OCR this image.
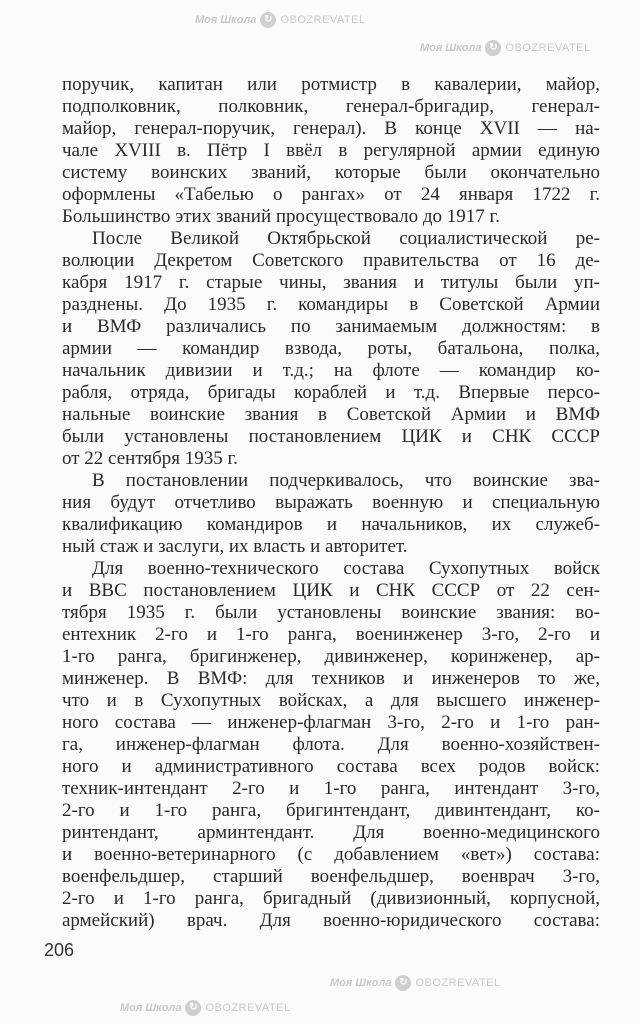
Моя Школа ↻ OBOZREVATEL
Моя Школа ↻ OBOZREVATEL
Моя Школа ↻ OBOZREVATEL
Моя Школа ↻ OBOZREVATEL
поручик, капитан или ротмистр в кавалерии, майор,
подполковник, полковник, генерал-бригадир, генерал-
майор, генерал-поручик, генерал). В конце XVII — на-
чале XVIII в. Пётр I ввёл в регулярной армии единую
систему воинских званий, которые были окончательно
оформлены «Табелью о рангах» от 24 января 1722 г.
Большинство этих званий просуществовало до 1917 г.
После Великой Октябрьской социалистической ре-
волюции Декретом Советского правительства от 16 де-
кабря 1917 г. старые чины, звания и титулы были уп-
разднены. До 1935 г. командиры в Советской Армии
и ВМФ различались по занимаемым должностям: в
армии — командир взвода, роты, батальона, полка,
начальник дивизии и т.д.; на флоте — командир ко-
рабля, отряда, бригады кораблей и т.д. Впервые персо-
нальные воинские звания в Советской Армии и ВМФ
были установлены постановлением ЦИК и СНК СССР
от 22 сентября 1935 г.
В постановлении подчеркивалось, что воинские зва-
ния будут отчетливо выражать военную и специальную
квалификацию командиров и начальников, их служеб-
ный стаж и заслуги, их власть и авторитет.
Для военно-технического состава Сухопутных войск
и ВВС постановлением ЦИК и СНК СССР от 22 сен-
тября 1935 г. были установлены воинские звания: во-
ентехник 2-го и 1-го ранга, военинженер 3-го, 2-го и
1-го ранга, бригинженер, дивинженер, коринженер, ар-
минженер. В ВМФ: для техников и инженеров то же,
что и в Сухопутных войсках, а для высшего инженер-
ного состава — инженер-флагман 3-го, 2-го и 1-го ран-
га, инженер-флагман флота. Для военно-хозяйствен-
ного и административного состава всех родов войск:
техник-интендант 2-го и 1-го ранга, интендант 3-го,
2-го и 1-го ранга, бригинтендант, дивинтендант, ко-
ринтендант, арминтендант. Для военно-медицинского
и военно-ветеринарного (с добавлением «вет») состава:
военфельдшер, старший военфельдшер, военврач 3-го,
2-го и 1-го ранга, бригадный (дивизионный, корпусной,
армейский) врач. Для военно-юридического состава:
206
